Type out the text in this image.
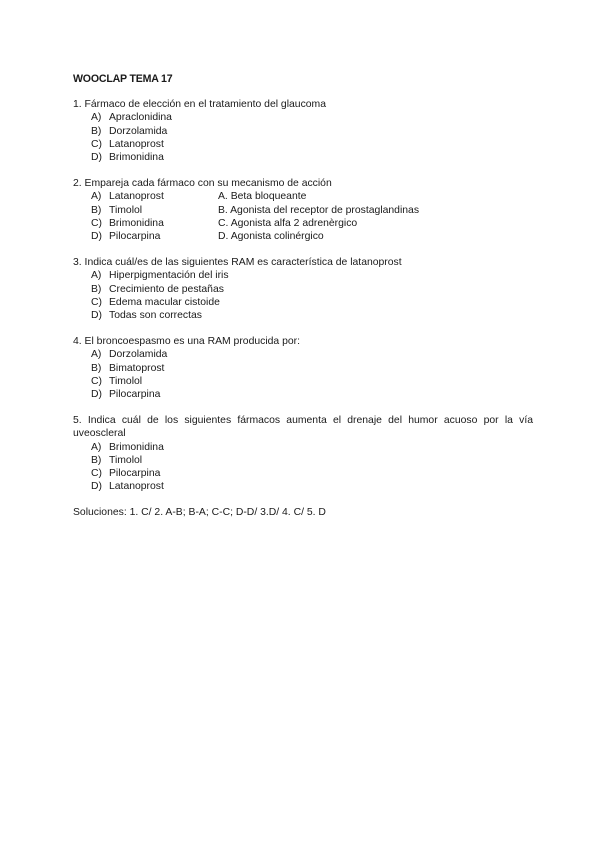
WOOCLAP TEMA 17

1. Fármaco de elección en el tratamiento del glaucoma

A) Apraclonidina
B) Dorzolamida
C) Latanoprost
D) Brimonidina

2. Empareja cada fármaco con su mecanismo de acción

A) Latanoprost	A. Beta bloqueante
B) Timolol	B. Agonista del receptor de prostaglandinas
C) Brimonidina	C. Agonista alfa 2 adrenèrgico
D) Pilocarpina	D. Agonista colinérgico

3. Indica cuál/es de las siguientes RAM es característica de latanoprost

A) Hiperpigmentación del iris
B) Crecimiento de pestañas
C) Edema macular cistoide
D) Todas son correctas

4. El broncoespasmo es una RAM producida por:

A) Dorzolamida
B) Bimatoprost
C) Timolol
D) Pilocarpina

5. Indica cuál de los siguientes fármacos aumenta el drenaje del humor acuoso por la vía uveoscleral

A) Brimonidina
B) Timolol
C) Pilocarpina
D) Latanoprost
Soluciones: 1. C/ 2. A-B; B-A; C-C; D-D/ 3.D/ 4. C/ 5. D
